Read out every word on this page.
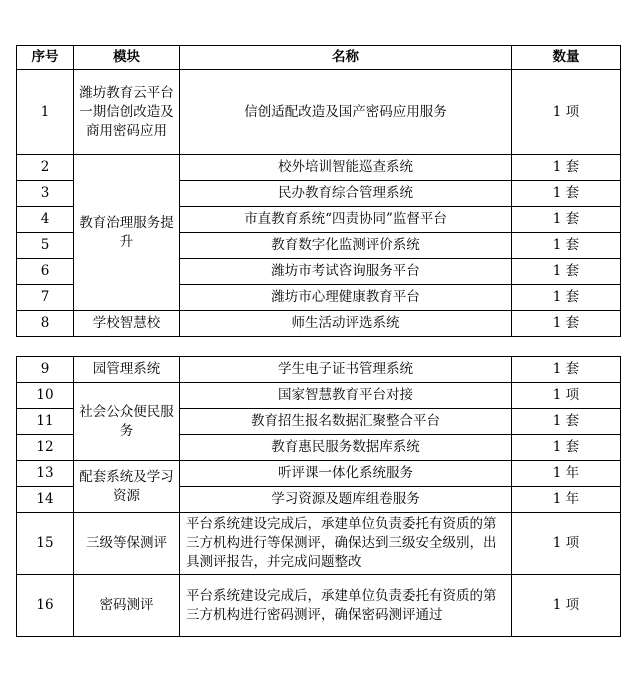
序号	模块	名称	数量
1	潍坊教育云平台一期信创改造及商用密码应用	信创适配改造及国产密码应用服务	1 项
2	教育治理服务提升	校外培训智能巡查系统	1 套
3		民办教育综合管理系统	1 套
4		市直教育系统“四责协同”监督平台	1 套
5		教育数字化监测评价系统	1 套
6		潍坊市考试咨询服务平台	1 套
7		潍坊市心理健康教育平台	1 套
8	学校智慧校	师生活动评选系统	1 套
9	园管理系统	学生电子证书管理系统	1 套
10	社会公众便民服务	国家智慧教育平台对接	1 项
11		教育招生报名数据汇聚整合平台	1 套
12		教育惠民服务数据库系统	1 套
13	配套系统及学习资源	听评课一体化系统服务	1 年
14		学习资源及题库组卷服务	1 年
15	三级等保测评	平台系统建设完成后，承建单位负责委托有资质的第三方机构进行等保测评，确保达到三级安全级别，出具测评报告，并完成问题整改	1 项
16	密码测评	平台系统建设完成后，承建单位负责委托有资质的第三方机构进行密码测评，确保密码测评通过	1 项
